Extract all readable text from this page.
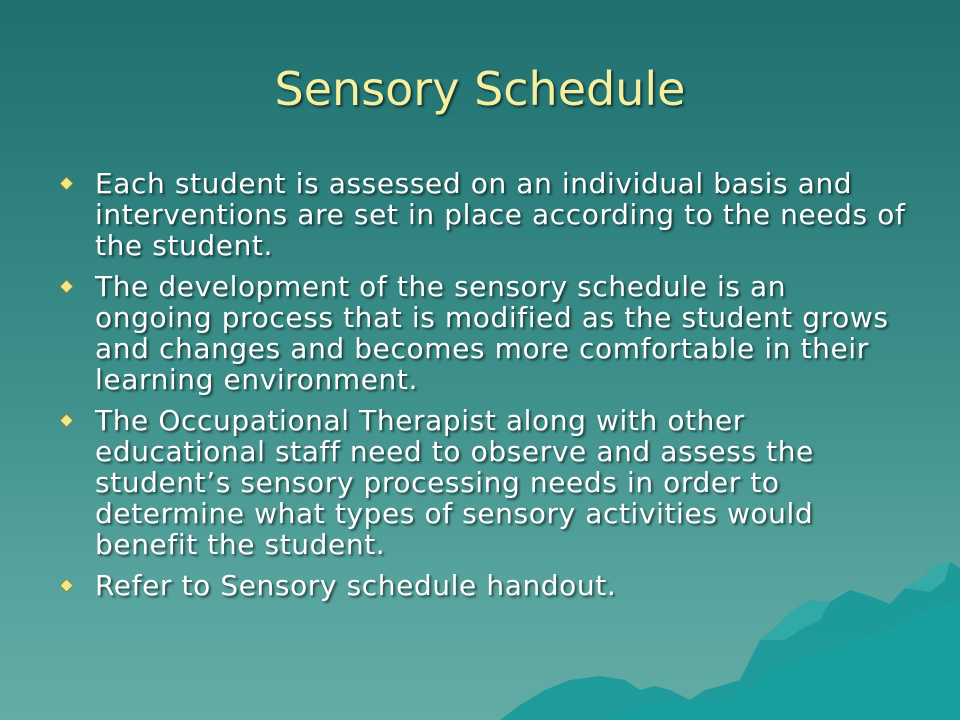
Sensory Schedule
Each student is assessed on an individual basis and interventions are set in place according to the needs of the student.
The development of the sensory schedule is an ongoing process that is modified as the student grows and changes and becomes more comfortable in their learning environment.
The Occupational Therapist along with other educational staff need to observe and assess the student’s sensory processing needs in order to determine what types of sensory activities would benefit the student.
Refer to Sensory schedule handout.
